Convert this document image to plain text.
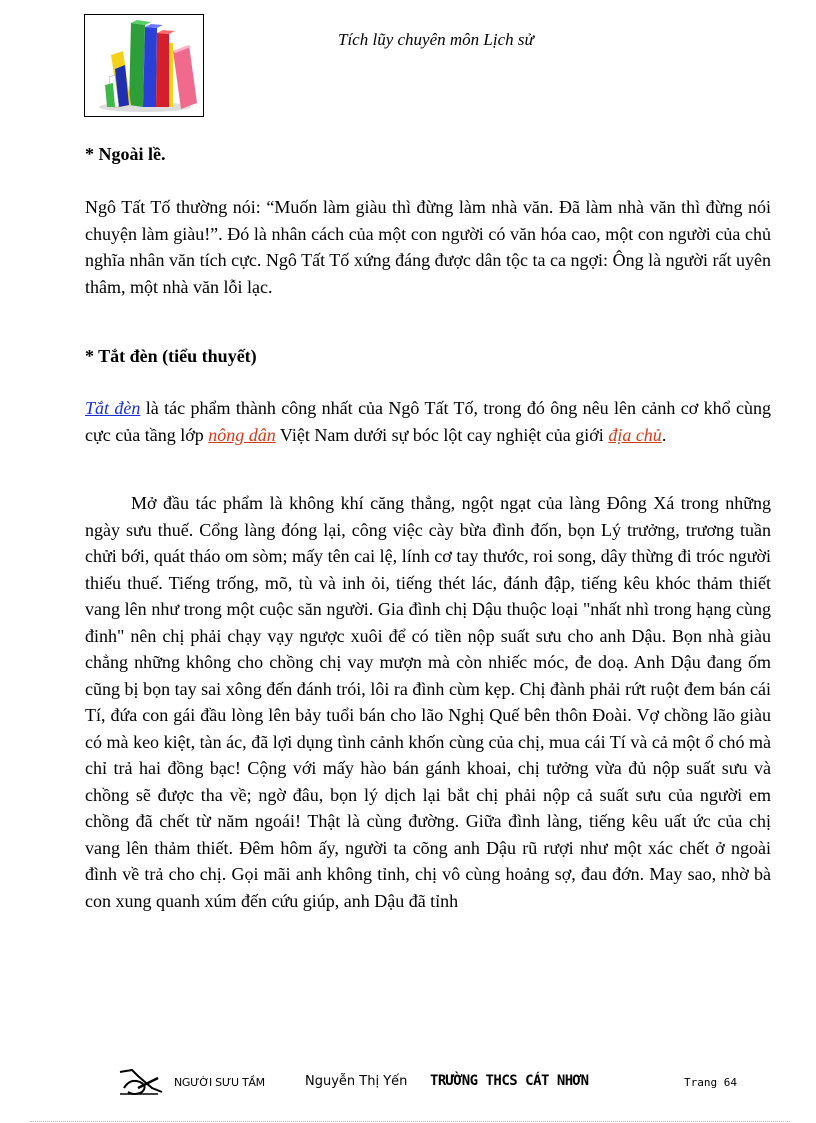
Tích lũy chuyên môn Lịch sử
* Ngoài lề.

Ngô Tất Tố thường nói: “Muốn làm giàu thì đừng làm nhà văn. Đã làm nhà văn thì đừng nói chuyện làm giàu!”. Đó là nhân cách của một con người có văn hóa cao, một con người của chủ nghĩa nhân văn tích cực. Ngô Tất Tố xứng đáng được dân tộc ta ca ngợi: Ông là người rất uyên thâm, một nhà văn lỗi lạc.

* Tắt đèn (tiểu thuyết)

Tắt đèn là tác phẩm thành công nhất của Ngô Tất Tố, trong đó ông nêu lên cảnh cơ khổ cùng cực của tầng lớp nông dân Việt Nam dưới sự bóc lột cay nghiệt của giới địa chủ.

Mở đầu tác phẩm là không khí căng thẳng, ngột ngạt của làng Đông Xá trong những ngày sưu thuế. Cổng làng đóng lại, công việc cày bừa đình đốn, bọn Lý trưởng, trương tuần chửi bới, quát tháo om sòm; mấy tên cai lệ, lính cơ tay thước, roi song, dây thừng đi tróc người thiếu thuế. Tiếng trống, mõ, tù và inh ỏi, tiếng thét lác, đánh đập, tiếng kêu khóc thảm thiết vang lên như trong một cuộc săn người. Gia đình chị Dậu thuộc loại "nhất nhì trong hạng cùng đinh" nên chị phải chạy vạy ngược xuôi để có tiền nộp suất sưu cho anh Dậu. Bọn nhà giàu chẳng những không cho chồng chị vay mượn mà còn nhiếc móc, đe doạ. Anh Dậu đang ốm cũng bị bọn tay sai xông đến đánh trói, lôi ra đình cùm kẹp. Chị đành phải rứt ruột đem bán cái Tí, đứa con gái đầu lòng lên bảy tuổi bán cho lão Nghị Quế bên thôn Đoài. Vợ chồng lão giàu có mà keo kiệt, tàn ác, đã lợi dụng tình cảnh khốn cùng của chị, mua cái Tí và cả một ổ chó mà chỉ trả hai đồng bạc! Cộng với mấy hào bán gánh khoai, chị tưởng vừa đủ nộp suất sưu và chồng sẽ được tha về; ngờ đâu, bọn lý dịch lại bắt chị phải nộp cả suất sưu của người em chồng đã chết từ năm ngoái! Thật là cùng đường. Giữa đình làng, tiếng kêu uất ức của chị vang lên thảm thiết. Đêm hôm ấy, người ta cõng anh Dậu rũ rượi như một xác chết ở ngoài đình về trả cho chị. Gọi mãi anh không tỉnh, chị vô cùng hoảng sợ, đau đớn. May sao, nhờ bà con xung quanh xúm đến cứu giúp, anh Dậu đã tỉnh

NGƯỜI SƯU TẦM	Nguyễn Thị Yến TRƯỜNG THCS CÁT NHƠN	Trang 64
